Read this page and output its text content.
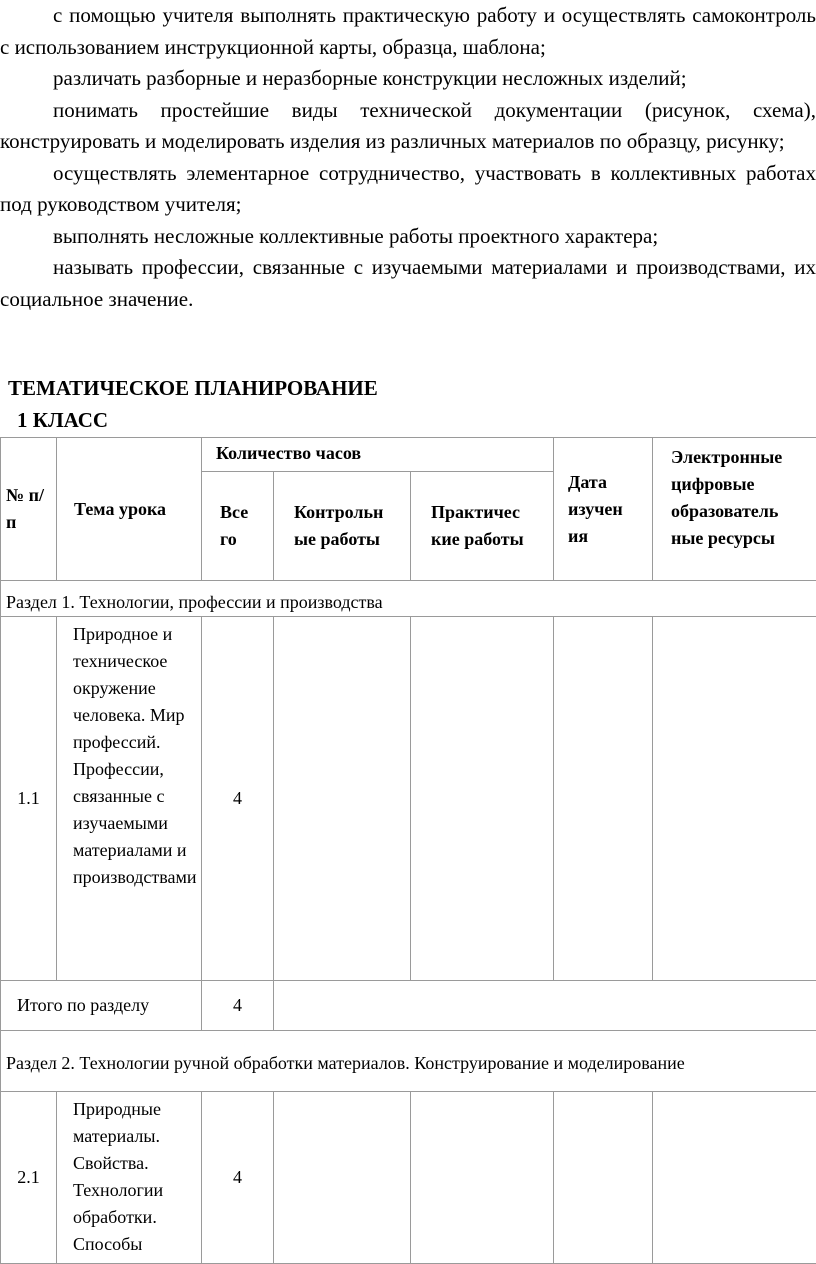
с помощью учителя выполнять практическую работу и осуществлять самоконтроль с использованием инструкционной карты, образца, шаблона;

различать разборные и неразборные конструкции несложных изделий;

понимать простейшие виды технической документации (рисунок, схема), конструировать и моделировать изделия из различных материалов по образцу, рисунку;

осуществлять элементарное сотрудничество, участвовать в коллективных работах под руководством учителя;

выполнять несложные коллективные работы проектного характера;

называть профессии, связанные с изучаемыми материалами и производствами, их социальное значение.

ТЕМАТИЧЕСКОЕ ПЛАНИРОВАНИЕ
1 КЛАСС
№ п/п	Тема урока	Количество часов			Дата изучен ия	Электронные цифровые образователь ные ресурсы
		Все го	Контрольн ые работы	Практичес кие работы		
Раздел 1. Технологии, профессии и производства						
1.1	Природное и техническое окружение человека. Мир профессий. Профессии, связанные с изучаемыми материалами и производствами	4				
Итого по разделу		4				
Раздел 2. Технологии ручной обработки материалов. Конструирование и моделирование						
2.1	Природные материалы. Свойства. Технологии обработки. Способы	4				
